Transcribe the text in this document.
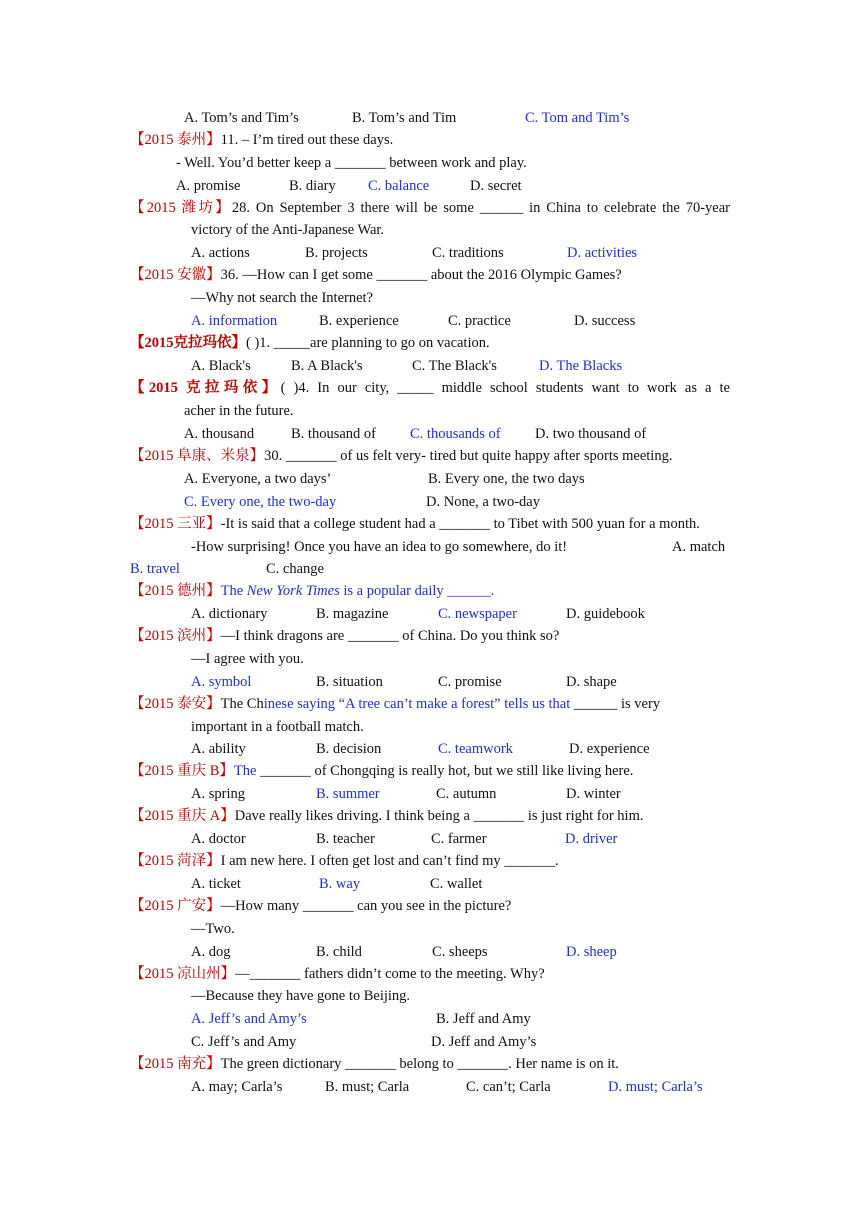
A. Tom’s and Tim’s	B. Tom’s and Tim	C. Tom and Tim’s
【2015 泰州】11. – I’m tired out these days.
- Well. You’d better keep a _______ between work and play.
A. promise	B. diary C. balance	D. secret
【2015 潍坊】28. On September 3 there will be some ______ in China to celebrate the 70-year
victory of the Anti-Japanese War.
A. actions	B. projects	C. traditions	D. activities
【2015 安徽】36. —How can I get some _______ about the 2016 Olympic Games?
—Why not search the Internet?
A. information	B. experience	C. practice	D. success
【2015克拉玛依】( )1. _____are planning to go on vacation.
A. Black's	B. A Black's	C. The Black's	D. The Blacks
【2015 克拉玛依】( )4. In our city, _____ middle school students want to work as a te
acher in the future.
A. thousand	B. thousand of C. thousands of D. two thousand of
【2015 阜康、米泉】30. _______ of us felt very- tired but quite happy after sports meeting.
A. Everyone, a two days’	B. Every one, the two days
C. Every one, the two-day	D. None, a two-day
【2015 三亚】-It is said that a college student had a _______ to Tibet with 500 yuan for a month.
-How surprising! Once you have an idea to go somewhere, do it!	A. match
B. travel	C. change
【2015 德州】The New York Times is a popular daily ______.
A. dictionary	B. magazine	C. newspaper	D. guidebook
【2015 滨州】—I think dragons are _______ of China. Do you think so?
—I agree with you.
A. symbol	B. situation	C. promise	D. shape
【2015 泰安】The Chinese saying “A tree can’t make a forest” tells us that ______ is very
important in a football match.
A. ability	B. decision	C. teamwork	D. experience
【2015 重庆 B】The _______ of Chongqing is really hot, but we still like living here.
A. spring	B. summer	C. autumn	D. winter
【2015 重庆 A】Dave really likes driving. I think being a _______ is just right for him.
A. doctor	B. teacher	C. farmer	D. driver
【2015 菏泽】I am new here. I often get lost and can’t find my _______.
A. ticket	B. way	C. wallet
【2015 广安】—How many _______ can you see in the picture?
—Two.
A. dog	B. child	C. sheeps	D. sheep
【2015 凉山州】—_______ fathers didn’t come to the meeting. Why?
—Because they have gone to Beijing.
A. Jeff’s and Amy’s	B. Jeff and Amy
C. Jeff’s and Amy	D. Jeff and Amy’s
【2015 南充】The green dictionary _______ belong to _______. Her name is on it.
A. may; Carla’s	B. must; Carla	C. can’t; Carla	D. must; Carla’s
